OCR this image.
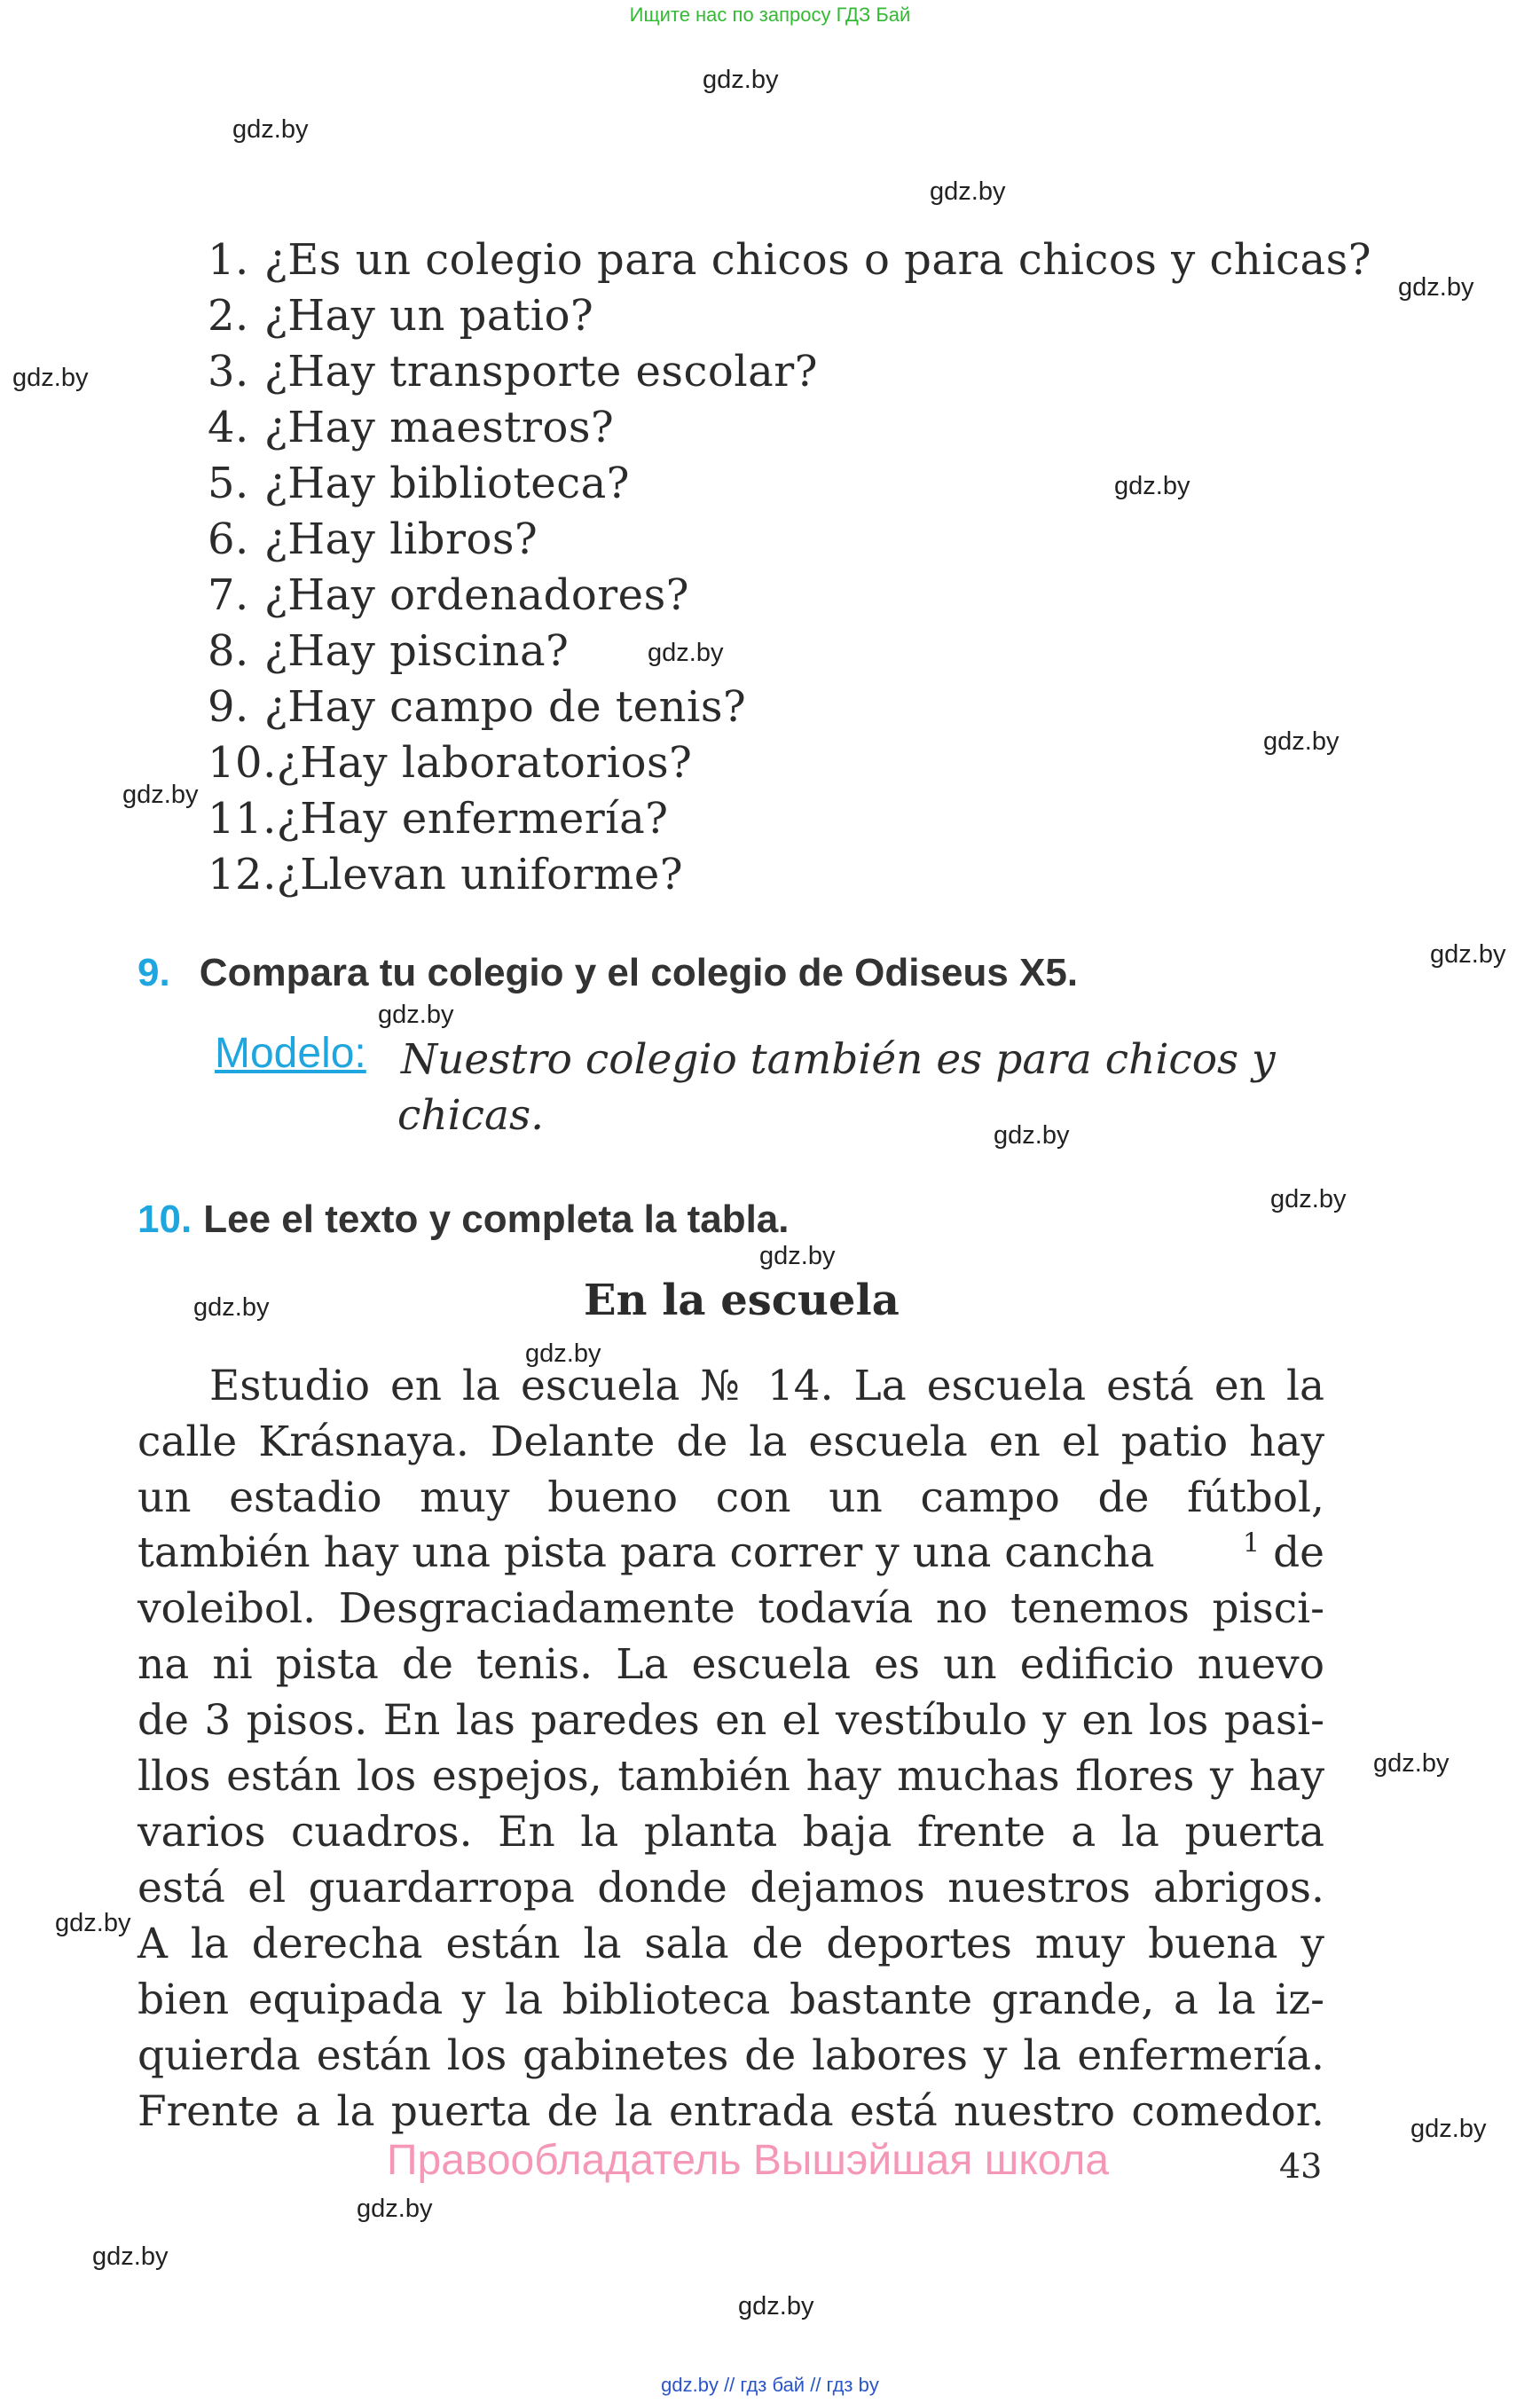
Ищите нас по запросу ГДЗ Бай
gdz.by
gdz.by
gdz.by
gdz.by
gdz.by
gdz.by
gdz.by
gdz.by
gdz.by
gdz.by
gdz.by
gdz.by
gdz.by
gdz.by
gdz.by
gdz.by
gdz.by
gdz.by
gdz.by
gdz.by
gdz.by
gdz.by
1. ¿Es un colegio para chicos o para chicos y chicas?
2. ¿Hay un patio?
3. ¿Hay transporte escolar?
4. ¿Hay maestros?
5. ¿Hay biblioteca?
6. ¿Hay libros?
7. ¿Hay ordenadores?
8. ¿Hay piscina?
9. ¿Hay campo de tenis?
10.¿Hay laboratorios?
11.¿Hay enfermería?
12.¿Llevan uniforme?
9. Compara tu colegio y el colegio de Odiseus X5.
Modelo: Nuestro colegio también es para chicos y
chicas.
10. Lee el texto y completa la tabla.
En la escuela
Estudio en la escuela № 14. La escuela está en la
calle Krásnaya. Delante de la escuela en el patio hay
un estadio muy bueno con un campo de fútbol,
también hay una pista para correr y una cancha	$^1$ de
voleibol. Desgraciadamente todavía no tenemos pisci-
na ni pista de tenis. La escuela es un edificio nuevo
de 3 pisos. En las paredes en el vestíbulo y en los pasi-
llos están los espejos, también hay muchas flores y hay
varios cuadros. En la planta baja frente a la puerta
está el guardarropa donde dejamos nuestros abrigos.
A la derecha están la sala de deportes muy buena y
bien equipada y la biblioteca bastante grande, a la iz-
quierda están los gabinetes de labores y la enfermería.
Frente a la puerta de la entrada está nuestro comedor.
Правообладатель Вышэйшая школа	43
gdz.by // гдз бай // гдз by
